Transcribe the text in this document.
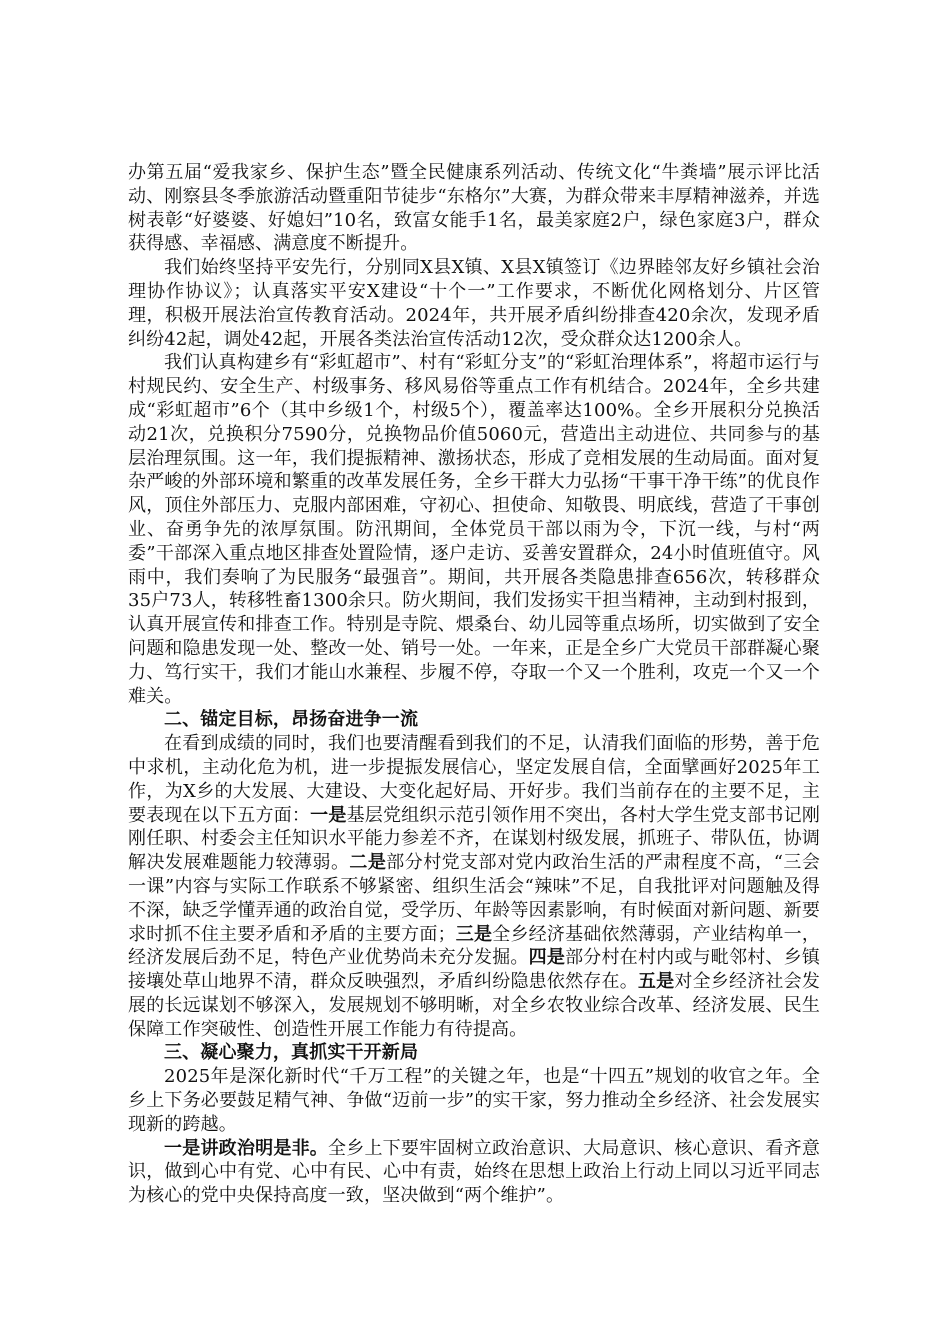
办第五届“爱我家乡、保护生态”暨全民健康系列活动、传统文化“牛粪墙”展示评比活动、刚察县冬季旅游活动暨重阳节徒步“东格尔”大赛，为群众带来丰厚精神滋养，并选树表彰“好婆婆、好媳妇”10名，致富女能手1名，最美家庭2户，绿色家庭3户，群众获得感、幸福感、满意度不断提升。

我们始终坚持平安先行，分别同X县X镇、X县X镇签订《边界睦邻友好乡镇社会治理协作协议》；认真落实平安X建设“十个一”工作要求，不断优化网格划分、片区管理，积极开展法治宣传教育活动。2024年，共开展矛盾纠纷排查420余次，发现矛盾纠纷42起，调处42起，开展各类法治宣传活动12次，受众群众达1200余人。

我们认真构建乡有“彩虹超市”、村有“彩虹分支”的“彩虹治理体系”，将超市运行与村规民约、安全生产、村级事务、移风易俗等重点工作有机结合。2024年，全乡共建成“彩虹超市”6个（其中乡级1个，村级5个），覆盖率达100%。全乡开展积分兑换活动21次，兑换积分7590分，兑换物品价值5060元，营造出主动进位、共同参与的基层治理氛围。这一年，我们提振精神、激扬状态，形成了竞相发展的生动局面。面对复杂严峻的外部环境和繁重的改革发展任务，全乡干群大力弘扬“干事干净干练”的优良作风，顶住外部压力、克服内部困难，守初心、担使命、知敬畏、明底线，营造了干事创业、奋勇争先的浓厚氛围。防汛期间，全体党员干部以雨为令，下沉一线，与村“两委”干部深入重点地区排查处置险情，逐户走访、妥善安置群众，24小时值班值守。风雨中，我们奏响了为民服务“最强音”。期间，共开展各类隐患排查656次，转移群众35户73人，转移牲畜1300余只。防火期间，我们发扬实干担当精神，主动到村报到，认真开展宣传和排查工作。特别是寺院、煨桑台、幼儿园等重点场所，切实做到了安全问题和隐患发现一处、整改一处、销号一处。一年来，正是全乡广大党员干部群凝心聚力、笃行实干，我们才能山水兼程、步履不停，夺取一个又一个胜利，攻克一个又一个难关。

二、锚定目标，昂扬奋进争一流

在看到成绩的同时，我们也要清醒看到我们的不足，认清我们面临的形势，善于危中求机，主动化危为机，进一步提振发展信心，坚定发展自信，全面擘画好2025年工作，为X乡的大发展、大建设、大变化起好局、开好步。我们当前存在的主要不足，主要表现在以下五方面：一是基层党组织示范引领作用不突出，各村大学生党支部书记刚刚任职、村委会主任知识水平能力参差不齐，在谋划村级发展，抓班子、带队伍，协调解决发展难题能力较薄弱。二是部分村党支部对党内政治生活的严肃程度不高，“三会一课”内容与实际工作联系不够紧密、组织生活会“辣味”不足，自我批评对问题触及得不深，缺乏学懂弄通的政治自觉，受学历、年龄等因素影响，有时候面对新问题、新要求时抓不住主要矛盾和矛盾的主要方面；三是全乡经济基础依然薄弱，产业结构单一，经济发展后劲不足，特色产业优势尚未充分发掘。四是部分村在村内或与毗邻村、乡镇接壤处草山地界不清，群众反映强烈，矛盾纠纷隐患依然存在。五是对全乡经济社会发展的长远谋划不够深入，发展规划不够明晰，对全乡农牧业综合改革、经济发展、民生保障工作突破性、创造性开展工作能力有待提高。

三、凝心聚力，真抓实干开新局

2025年是深化新时代“千万工程”的关键之年，也是“十四五”规划的收官之年。全乡上下务必要鼓足精气神、争做“迈前一步”的实干家，努力推动全乡经济、社会发展实现新的跨越。

一是讲政治明是非。全乡上下要牢固树立政治意识、大局意识、核心意识、看齐意识，做到心中有党、心中有民、心中有责，始终在思想上政治上行动上同以习近平同志为核心的党中央保持高度一致，坚决做到“两个维护”。
